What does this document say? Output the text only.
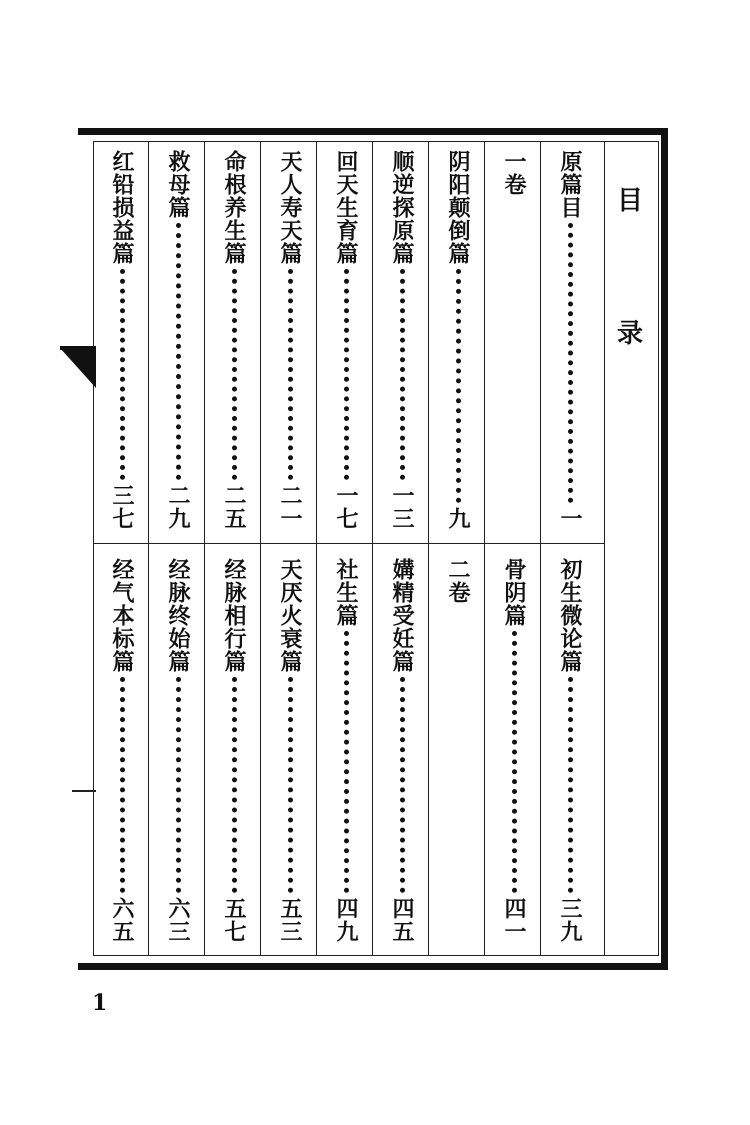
目
录
原篇目
一
一卷
阴阳颠倒篇
九
顺逆探原篇
一三
回天生育篇
一七
天人寿天篇
二一
命根养生篇
二五
救母篇
二九
红铅损益篇
三七
初生微论篇
三九
骨阴篇
四一
二卷
媾精受妊篇
四五
社生篇
四九
天厌火衰篇
五三
经脉相行篇
五七
经脉终始篇
六三
经气本标篇
六五
1
